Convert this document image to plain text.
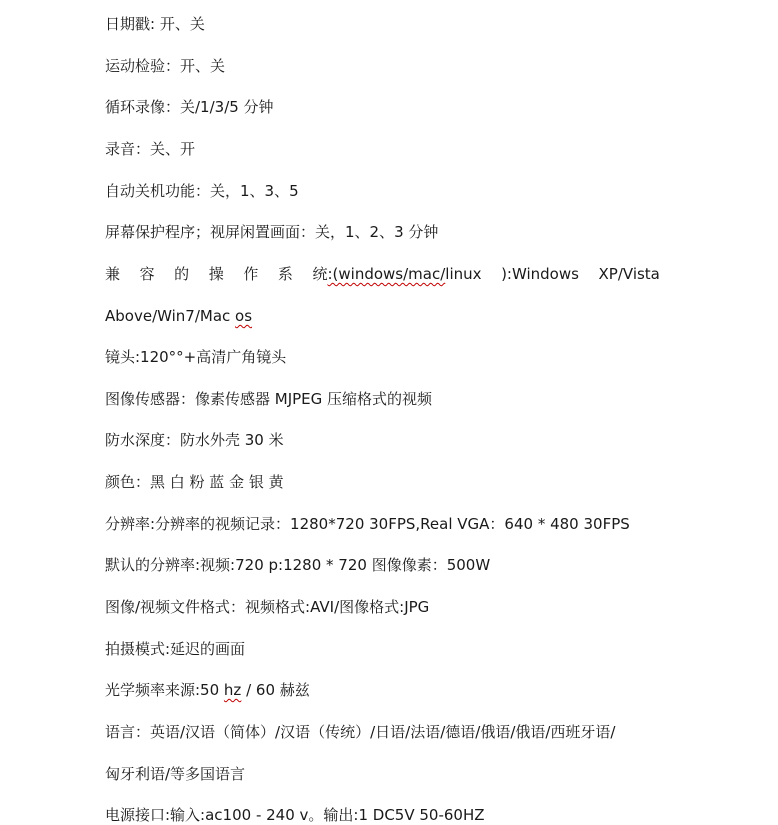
日期戳: 开、关
运动检验：开、关
循环录像：关/1/3/5 分钟
录音：关、开
自动关机功能：关，1、3、5
屏幕保护程序；视屏闲置画面：关，1、2、3 分钟
兼 容 的 操 作 系 统:(windows/mac/linux ):Windows XP/Vista
Above/Win7/Mac os
镜头:120°°+高清广角镜头
图像传感器：像素传感器 MJPEG 压缩格式的视频
防水深度：防水外壳 30 米
颜色：黑 白 粉 蓝 金 银 黄
分辨率:分辨率的视频记录：1280*720 30FPS,Real VGA：640 * 480 30FPS
默认的分辨率:视频:720 p:1280 * 720 图像像素：500W
图像/视频文件格式：视频格式:AVI/图像格式:JPG
拍摄模式:延迟的画面
光学频率来源:50 hz / 60 赫兹
语言：英语/汉语（简体）/汉语（传统）/日语/法语/德语/俄语/俄语/西班牙语/
匈牙利语/等多国语言
电源接口:输入:ac100 - 240 v。输出:1 DC5V 50-60HZ
